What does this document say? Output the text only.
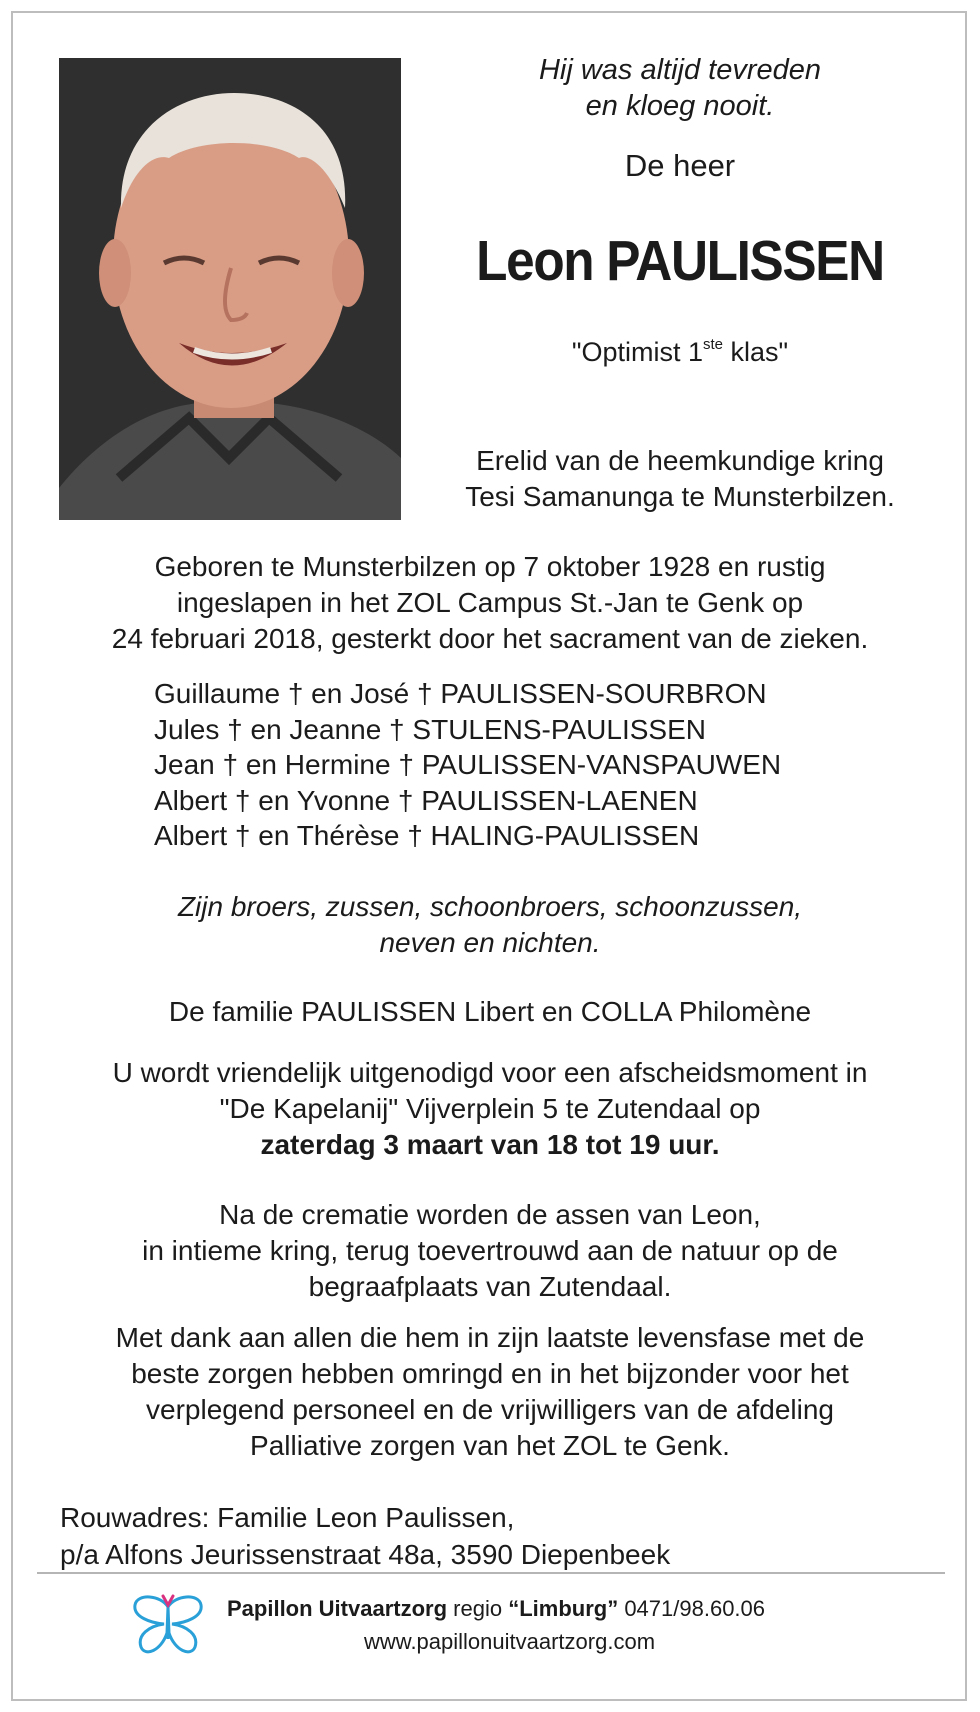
Hij was altijd tevreden
en kloeg nooit.
De heer
Leon PAULISSEN
"Optimist 1ste klas"
Erelid van de heemkundige kring
Tesi Samanunga te Munsterbilzen.
Geboren te Munsterbilzen op 7 oktober 1928 en rustig
ingeslapen in het ZOL Campus St.-Jan te Genk op
24 februari 2018, gesterkt door het sacrament van de zieken.
Guillaume † en José † PAULISSEN-SOURBRON
Jules † en Jeanne † STULENS-PAULISSEN
Jean † en Hermine † PAULISSEN-VANSPAUWEN
Albert † en Yvonne † PAULISSEN-LAENEN
Albert † en Thérèse † HALING-PAULISSEN
Zijn broers, zussen, schoonbroers, schoonzussen,
neven en nichten.
De familie PAULISSEN Libert en COLLA Philomène
U wordt vriendelijk uitgenodigd voor een afscheidsmoment in
"De Kapelanij" Vijverplein 5 te Zutendaal op
zaterdag 3 maart van 18 tot 19 uur.
Na de crematie worden de assen van Leon,
in intieme kring, terug toevertrouwd aan de natuur op de
begraafplaats van Zutendaal.
Met dank aan allen die hem in zijn laatste levensfase met de
beste zorgen hebben omringd en in het bijzonder voor het
verplegend personeel en de vrijwilligers van de afdeling
Palliative zorgen van het ZOL te Genk.
Rouwadres: Familie Leon Paulissen,
p/a Alfons Jeurissenstraat 48a, 3590 Diepenbeek
Papillon Uitvaartzorg regio “Limburg” 0471/98.60.06
www.papillonuitvaartzorg.com
